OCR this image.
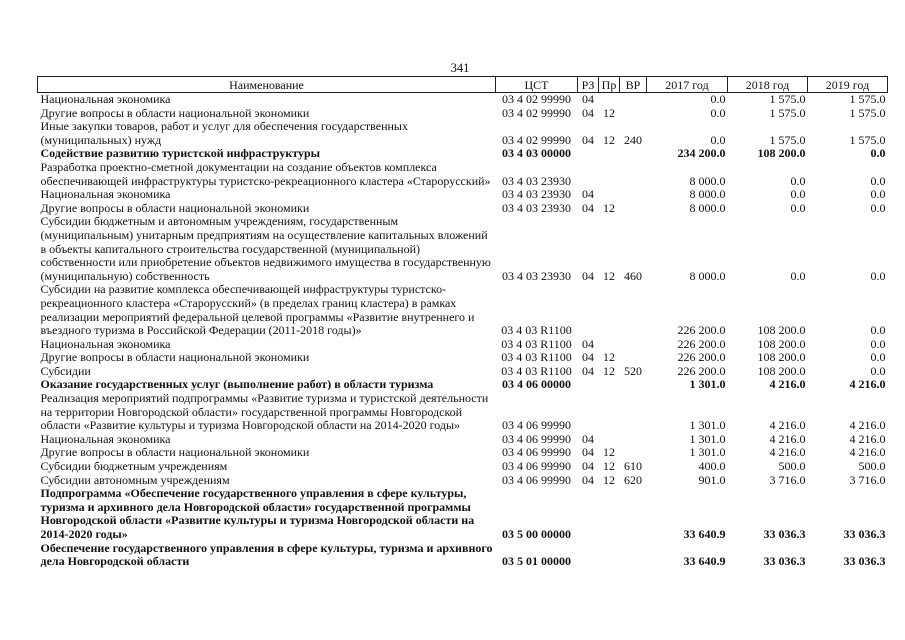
341
Наименование	ЦСТ	РЗ	Пр	ВР	2017 год	2018 год	2019 год
Национальная экономика	03 4 02 99990	04			0.0	1 575.0	1 575.0
Другие вопросы в области национальной экономики	03 4 02 99990	04	12		0.0	1 575.0	1 575.0
Иные закупки товаров, работ и услуг для обеспечения государственных (муниципальных) нужд	03 4 02 99990	04	12	240	0.0	1 575.0	1 575.0
Содействие развитию туристской инфраструктуры	03 4 03 00000				234 200.0	108 200.0	0.0
Разработка проектно-сметной документации на создание объектов комплекса обеспечивающей инфраструктуры туристско-рекреационного кластера «Старорусский»	03 4 03 23930				8 000.0	0.0	0.0
Национальная экономика	03 4 03 23930	04			8 000.0	0.0	0.0
Другие вопросы в области национальной экономики	03 4 03 23930	04	12		8 000.0	0.0	0.0
Субсидии бюджетным и автономным учреждениям, государственным (муниципальным) унитарным предприятиям на осуществление капитальных вложений в объекты капитального строительства государственной (муниципальной) собственности или приобретение объектов недвижимого имущества в государственную (муниципальную) собственность	03 4 03 23930	04	12	460	8 000.0	0.0	0.0
Субсидии на развитие комплекса обеспечивающей инфраструктуры туристско-рекреационного кластера «Старорусский» (в пределах границ кластера) в рамках реализации мероприятий федеральной целевой программы «Развитие внутреннего и въездного туризма в Российской Федерации (2011-2018 годы)»	03 4 03 R1100				226 200.0	108 200.0	0.0
Национальная экономика	03 4 03 R1100	04			226 200.0	108 200.0	0.0
Другие вопросы в области национальной экономики	03 4 03 R1100	04	12		226 200.0	108 200.0	0.0
Субсидии	03 4 03 R1100	04	12	520	226 200.0	108 200.0	0.0
Оказание государственных услуг (выполнение работ) в области туризма	03 4 06 00000				1 301.0	4 216.0	4 216.0
Реализация мероприятий подпрограммы «Развитие туризма и туристской деятельности на территории Новгородской области» государственной программы Новгородской области «Развитие культуры и туризма Новгородской области на 2014-2020 годы»	03 4 06 99990				1 301.0	4 216.0	4 216.0
Национальная экономика	03 4 06 99990	04			1 301.0	4 216.0	4 216.0
Другие вопросы в области национальной экономики	03 4 06 99990	04	12		1 301.0	4 216.0	4 216.0
Субсидии бюджетным учреждениям	03 4 06 99990	04	12	610	400.0	500.0	500.0
Субсидии автономным учреждениям	03 4 06 99990	04	12	620	901.0	3 716.0	3 716.0
Подпрограмма «Обеспечение государственного управления в сфере культуры, туризма и архивного дела Новгородской области» государственной программы Новгородской области «Развитие культуры и туризма Новгородской области на 2014-2020 годы»	03 5 00 00000				33 640.9	33 036.3	33 036.3
Обеспечение государственного управления в сфере культуры, туризма и архивного дела Новгородской области	03 5 01 00000				33 640.9	33 036.3	33 036.3
